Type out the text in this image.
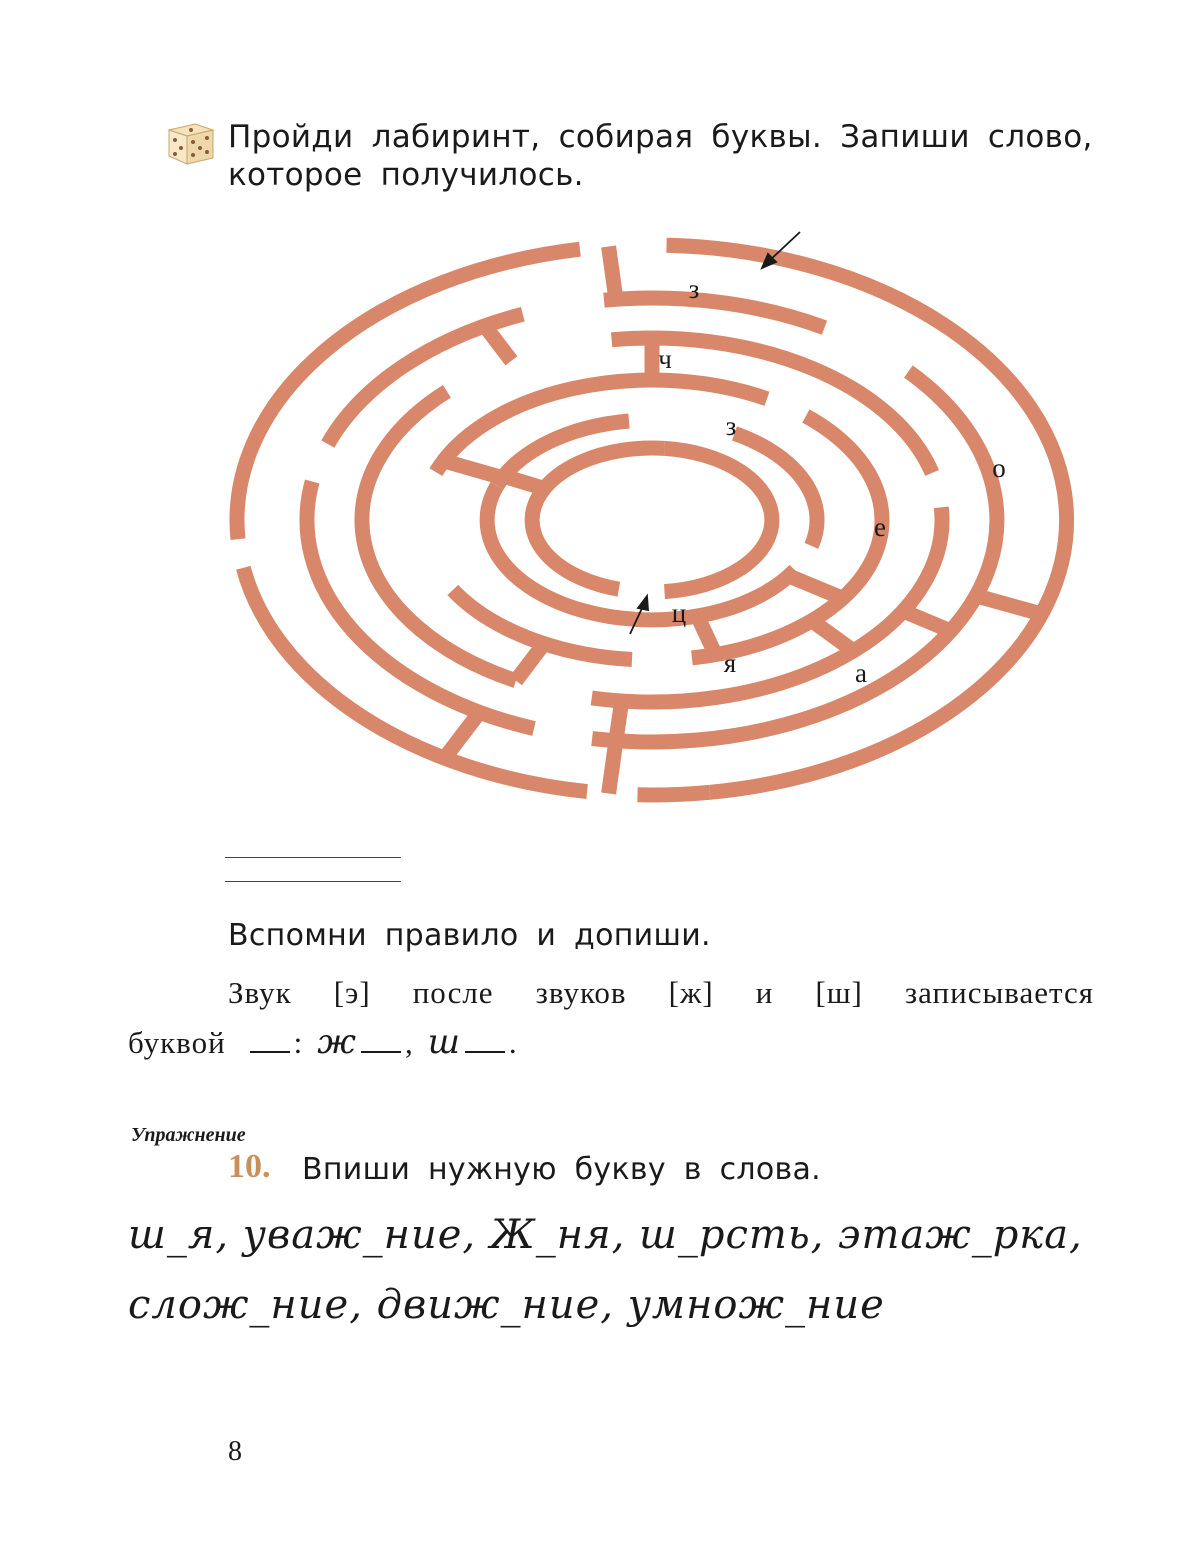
Пройди лабиринт, собирая буквы. Запиши слово,
которое получилось.
з
ч
з
о
е
ц
я	а
Вспомни правило и допиши.
Звук [э] после звуков [ж] и [ш] записывается
буквой : ж , ш .
Упражнение
10. Впиши нужную букву в слова.
ш_я, уваж_ние, Ж_ня, ш_рсть, этаж_рка,
слож_ние, движ_ние, умнож_ние
8
